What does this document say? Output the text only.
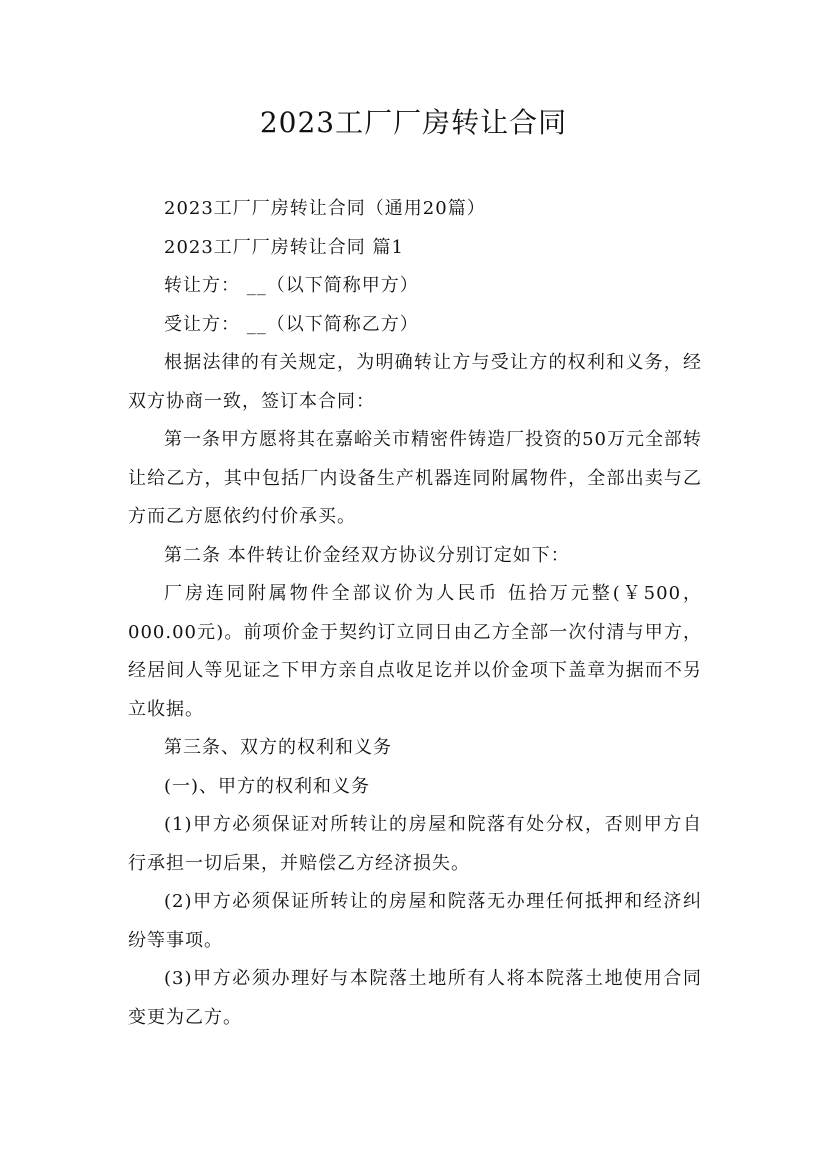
2023工厂厂房转让合同

2023工厂厂房转让合同（通用20篇）

2023工厂厂房转让合同 篇1

转让方： __（以下简称甲方）

受让方： __（以下简称乙方）

根据法律的有关规定，为明确转让方与受让方的权利和义务，经双方协商一致，签订本合同：

第一条甲方愿将其在嘉峪关市精密件铸造厂投资的50万元全部转让给乙方，其中包括厂内设备生产机器连同附属物件，全部出卖与乙方而乙方愿依约付价承买。

第二条 本件转让价金经双方协议分别订定如下：

厂房连同附属物件全部议价为人民币 伍拾万元整(￥500，000.00元)。前项价金于契约订立同日由乙方全部一次付清与甲方，经居间人等见证之下甲方亲自点收足讫并以价金项下盖章为据而不另立收据。

第三条、双方的权利和义务

(一)、甲方的权利和义务

(1)甲方必须保证对所转让的房屋和院落有处分权，否则甲方自行承担一切后果，并赔偿乙方经济损失。

(2)甲方必须保证所转让的房屋和院落无办理任何抵押和经济纠纷等事项。

(3)甲方必须办理好与本院落土地所有人将本院落土地使用合同变更为乙方。
